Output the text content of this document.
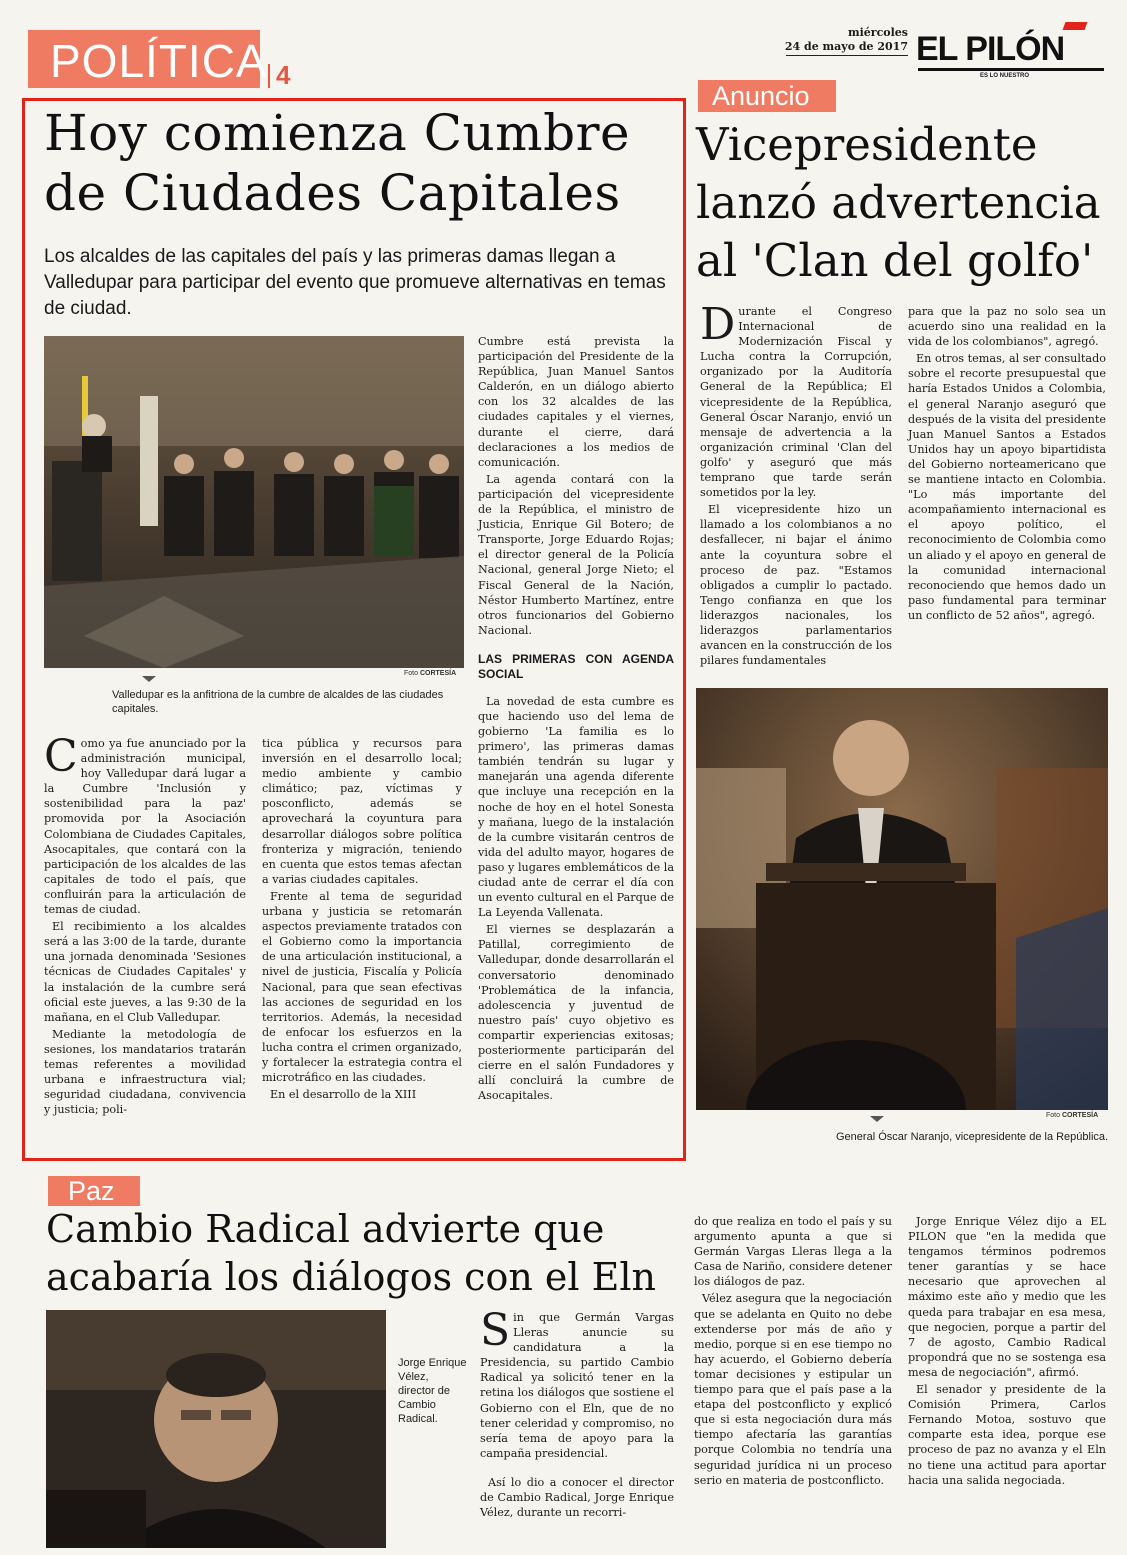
POLÍTICA 4
miércoles
24 de mayo de 2017 EL PILÓN
ES LO NUESTRO
Hoy comienza Cumbre
de Ciudades Capitales
Los alcaldes de las capitales del país y las primeras damas llegan a Valledupar para participar del evento que promueve alternativas en temas de ciudad.
Foto CORTESÍA
Valledupar es la anfitriona de la cumbre de alcaldes de las ciudades capitales.

Cumbre está prevista la participación del Presidente de la República, Juan Manuel Santos Calderón, en un diálogo abierto con los 32 alcaldes de las ciudades capitales y el viernes, durante el cierre, dará declaraciones a los medios de comunicación.

La agenda contará con la participación del vicepresidente de la República, el ministro de Justicia, Enrique Gil Botero; de Transporte, Jorge Eduardo Rojas; el director general de la Policía Nacional, general Jorge Nieto; el Fiscal General de la Nación, Néstor Humberto Martínez, entre otros funcionarios del Gobierno Nacional.

LAS PRIMERAS CON AGENDA SOCIAL

La novedad de esta cumbre es que haciendo uso del lema de gobierno 'La familia es lo primero', las primeras damas también tendrán su lugar y manejarán una agenda diferente que incluye una recepción en la noche de hoy en el hotel Sonesta y mañana, luego de la instalación de la cumbre visitarán centros de vida del adulto mayor, hogares de paso y lugares emblemáticos de la ciudad ante de cerrar el día con un evento cultural en el Parque de La Leyenda Vallenata.

El viernes se desplazarán a Patillal, corregimiento de Valledupar, donde desarrollarán el conversatorio denominado 'Problemática de la infancia, adolescencia y juventud de nuestro país' cuyo objetivo es compartir experiencias exitosas; posteriormente participarán del cierre en el salón Fundadores y allí concluirá la cumbre de Asocapitales.

Como ya fue anunciado por la administración municipal, hoy Valledupar dará lugar a la Cumbre 'Inclusión y sostenibilidad para la paz' promovida por la Asociación Colombiana de Ciudades Capitales, Asocapitales, que contará con la participación de los alcaldes de las capitales de todo el país, que confluirán para la articulación de temas de ciudad.

El recibimiento a los alcaldes será a las 3:00 de la tarde, durante una jornada denominada 'Sesiones técnicas de Ciudades Capitales' y la instalación de la cumbre será oficial este jueves, a las 9:30 de la mañana, en el Club Valledupar.

Mediante la metodología de sesiones, los mandatarios tratarán temas referentes a movilidad urbana e infraestructura vial; seguridad ciudadana, convivencia y justicia; poli-

tica pública y recursos para inversión en el desarrollo local; medio ambiente y cambio climático; paz, víctimas y posconflicto, además se aprovechará la coyuntura para desarrollar diálogos sobre política fronteriza y migración, teniendo en cuenta que estos temas afectan a varias ciudades capitales.

Frente al tema de seguridad urbana y justicia se retomarán aspectos previamente tratados con el Gobierno como la importancia de una articulación institucional, a nivel de justicia, Fiscalía y Policía Nacional, para que sean efectivas las acciones de seguridad en los territorios. Además, la necesidad de enfocar los esfuerzos en la lucha contra el crimen organizado, y fortalecer la estrategia contra el microtráfico en las ciudades.

En el desarrollo de la XIII

Anuncio
Vicepresidente
lanzó advertencia
al 'Clan del golfo'

Durante el Congreso Internacional de Modernización Fiscal y Lucha contra la Corrupción, organizado por la Auditoría General de la República; El vicepresidente de la República, General Óscar Naranjo, envió un mensaje de advertencia a la organización criminal 'Clan del golfo' y aseguró que más temprano que tarde serán sometidos por la ley.

El vicepresidente hizo un llamado a los colombianos a no desfallecer, ni bajar el ánimo ante la coyuntura sobre el proceso de paz. "Estamos obligados a cumplir lo pactado. Tengo confianza en que los liderazgos nacionales, los liderazgos parlamentarios avancen en la construcción de los pilares fundamentales

para que la paz no solo sea un acuerdo sino una realidad en la vida de los colombianos", agregó.

En otros temas, al ser consultado sobre el recorte presupuestal que haría Estados Unidos a Colombia, el general Naranjo aseguró que después de la visita del presidente Juan Manuel Santos a Estados Unidos hay un apoyo bipartidista del Gobierno norteamericano que se mantiene intacto en Colombia. "Lo más importante del acompañamiento internacional es el apoyo político, el reconocimiento de Colombia como un aliado y el apoyo en general de la comunidad internacional reconociendo que hemos dado un paso fundamental para terminar un conflicto de 52 años", agregó.

Foto CORTESÍA
General Óscar Naranjo, vicepresidente de la República.
Paz
Cambio Radical advierte que
acabaría los diálogos con el Eln
Jorge Enrique Vélez, director de Cambio Radical.

Sin que Germán Vargas Lleras anuncie su candidatura a la Presidencia, su partido Cambio Radical ya solicitó tener en la retina los diálogos que sostiene el Gobierno con el Eln, que de no tener celeridad y compromiso, no sería tema de apoyo para la campaña presidencial.

Así lo dio a conocer el director de Cambio Radical, Jorge Enrique Vélez, durante un recorri-

do que realiza en todo el país y su argumento apunta a que si Germán Vargas Lleras llega a la Casa de Nariño, considere detener los diálogos de paz.

Vélez asegura que la negociación que se adelanta en Quito no debe extenderse por más de año y medio, porque si en ese tiempo no hay acuerdo, el Gobierno debería tomar decisiones y estipular un tiempo para que el país pase a la etapa del postconflicto y explicó que si esta negociación dura más tiempo afectaría las garantías porque Colombia no tendría una seguridad jurídica ni un proceso serio en materia de postconflicto.

Jorge Enrique Vélez dijo a EL PILON que "en la medida que tengamos términos podremos tener garantías y se hace necesario que aprovechen al máximo este año y medio que les queda para trabajar en esa mesa, que negocien, porque a partir del 7 de agosto, Cambio Radical propondrá que no se sostenga esa mesa de negociación", afirmó.

El senador y presidente de la Comisión Primera, Carlos Fernando Motoa, sostuvo que comparte esta idea, porque ese proceso de paz no avanza y el Eln no tiene una actitud para aportar hacia una salida negociada.
